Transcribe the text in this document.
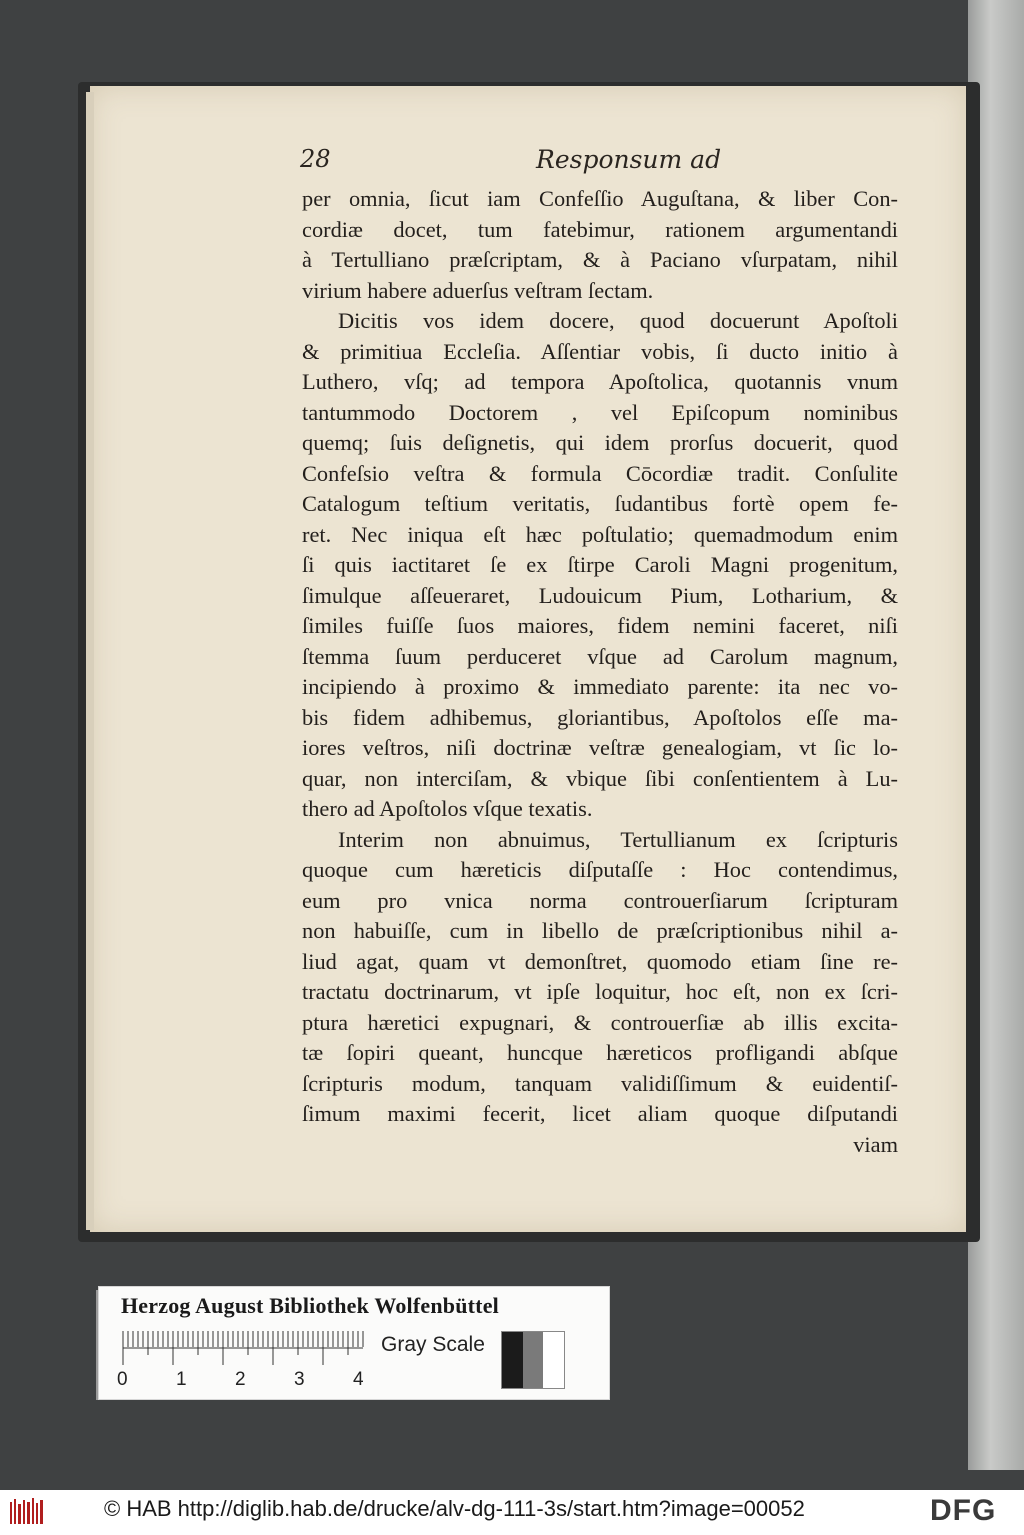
28	Responsum ad
per omnia, ſicut iam Confeſſio Auguſtana, & liber Con-
cordiæ docet, tum fatebimur, rationem argumentandi
à Tertulliano præſcriptam, & à Paciano vſurpatam, nihil
virium habere aduerſus veſtram ſectam.
Dicitis vos idem docere, quod docuerunt Apoſtoli
& primitiua Eccleſia. Aſſentiar vobis, ſi ducto initio à
Luthero, vſq; ad tempora Apoſtolica, quotannis vnum
tantummodo Doctorem , vel Epiſcopum nominibus
quemq; ſuis deſignetis, qui idem prorſus docuerit, quod
Confeſsio veſtra & formula Cōcordiæ tradit. Conſulite
Catalogum teſtium veritatis, ſudantibus fortè opem fe-
ret. Nec iniqua eſt hæc poſtulatio; quemadmodum enim
ſi quis iactitaret ſe ex ſtirpe Caroli Magni progenitum,
ſimulque aſſeueraret, Ludouicum Pium, Lotharium, &
ſimiles fuiſſe ſuos maiores, fidem nemini faceret, niſi
ſtemma ſuum perduceret vſque ad Carolum magnum,
incipiendo à proximo & immediato parente: ita nec vo-
bis fidem adhibemus, gloriantibus, Apoſtolos eſſe ma-
iores veſtros, niſi doctrinæ veſtræ genealogiam, vt ſic lo-
quar, non interciſam, & vbique ſibi conſentientem à Lu-
thero ad Apoſtolos vſque texatis.
Interim non abnuimus, Tertullianum ex ſcripturis
quoque cum hæreticis diſputaſſe : Hoc contendimus,
eum pro vnica norma controuerſiarum ſcripturam
non habuiſſe, cum in libello de præſcriptionibus nihil a-
liud agat, quam vt demonſtret, quomodo etiam ſine re-
tractatu doctrinarum, vt ipſe loquitur, hoc eſt, non ex ſcri-
ptura hæretici expugnari, & controuerſiæ ab illis excita-
tæ ſopiri queant, huncque hæreticos profligandi abſque
ſcripturis modum, tanquam validiſſimum & euidentiſ-
ſimum maximi fecerit, licet aliam quoque diſputandi
viam
Herzog August Bibliothek Wolfenbüttel
0	1	2	3	4
Gray Scale
© HAB http://diglib.hab.de/drucke/alv-dg-111-3s/start.htm?image=00052	DFG
